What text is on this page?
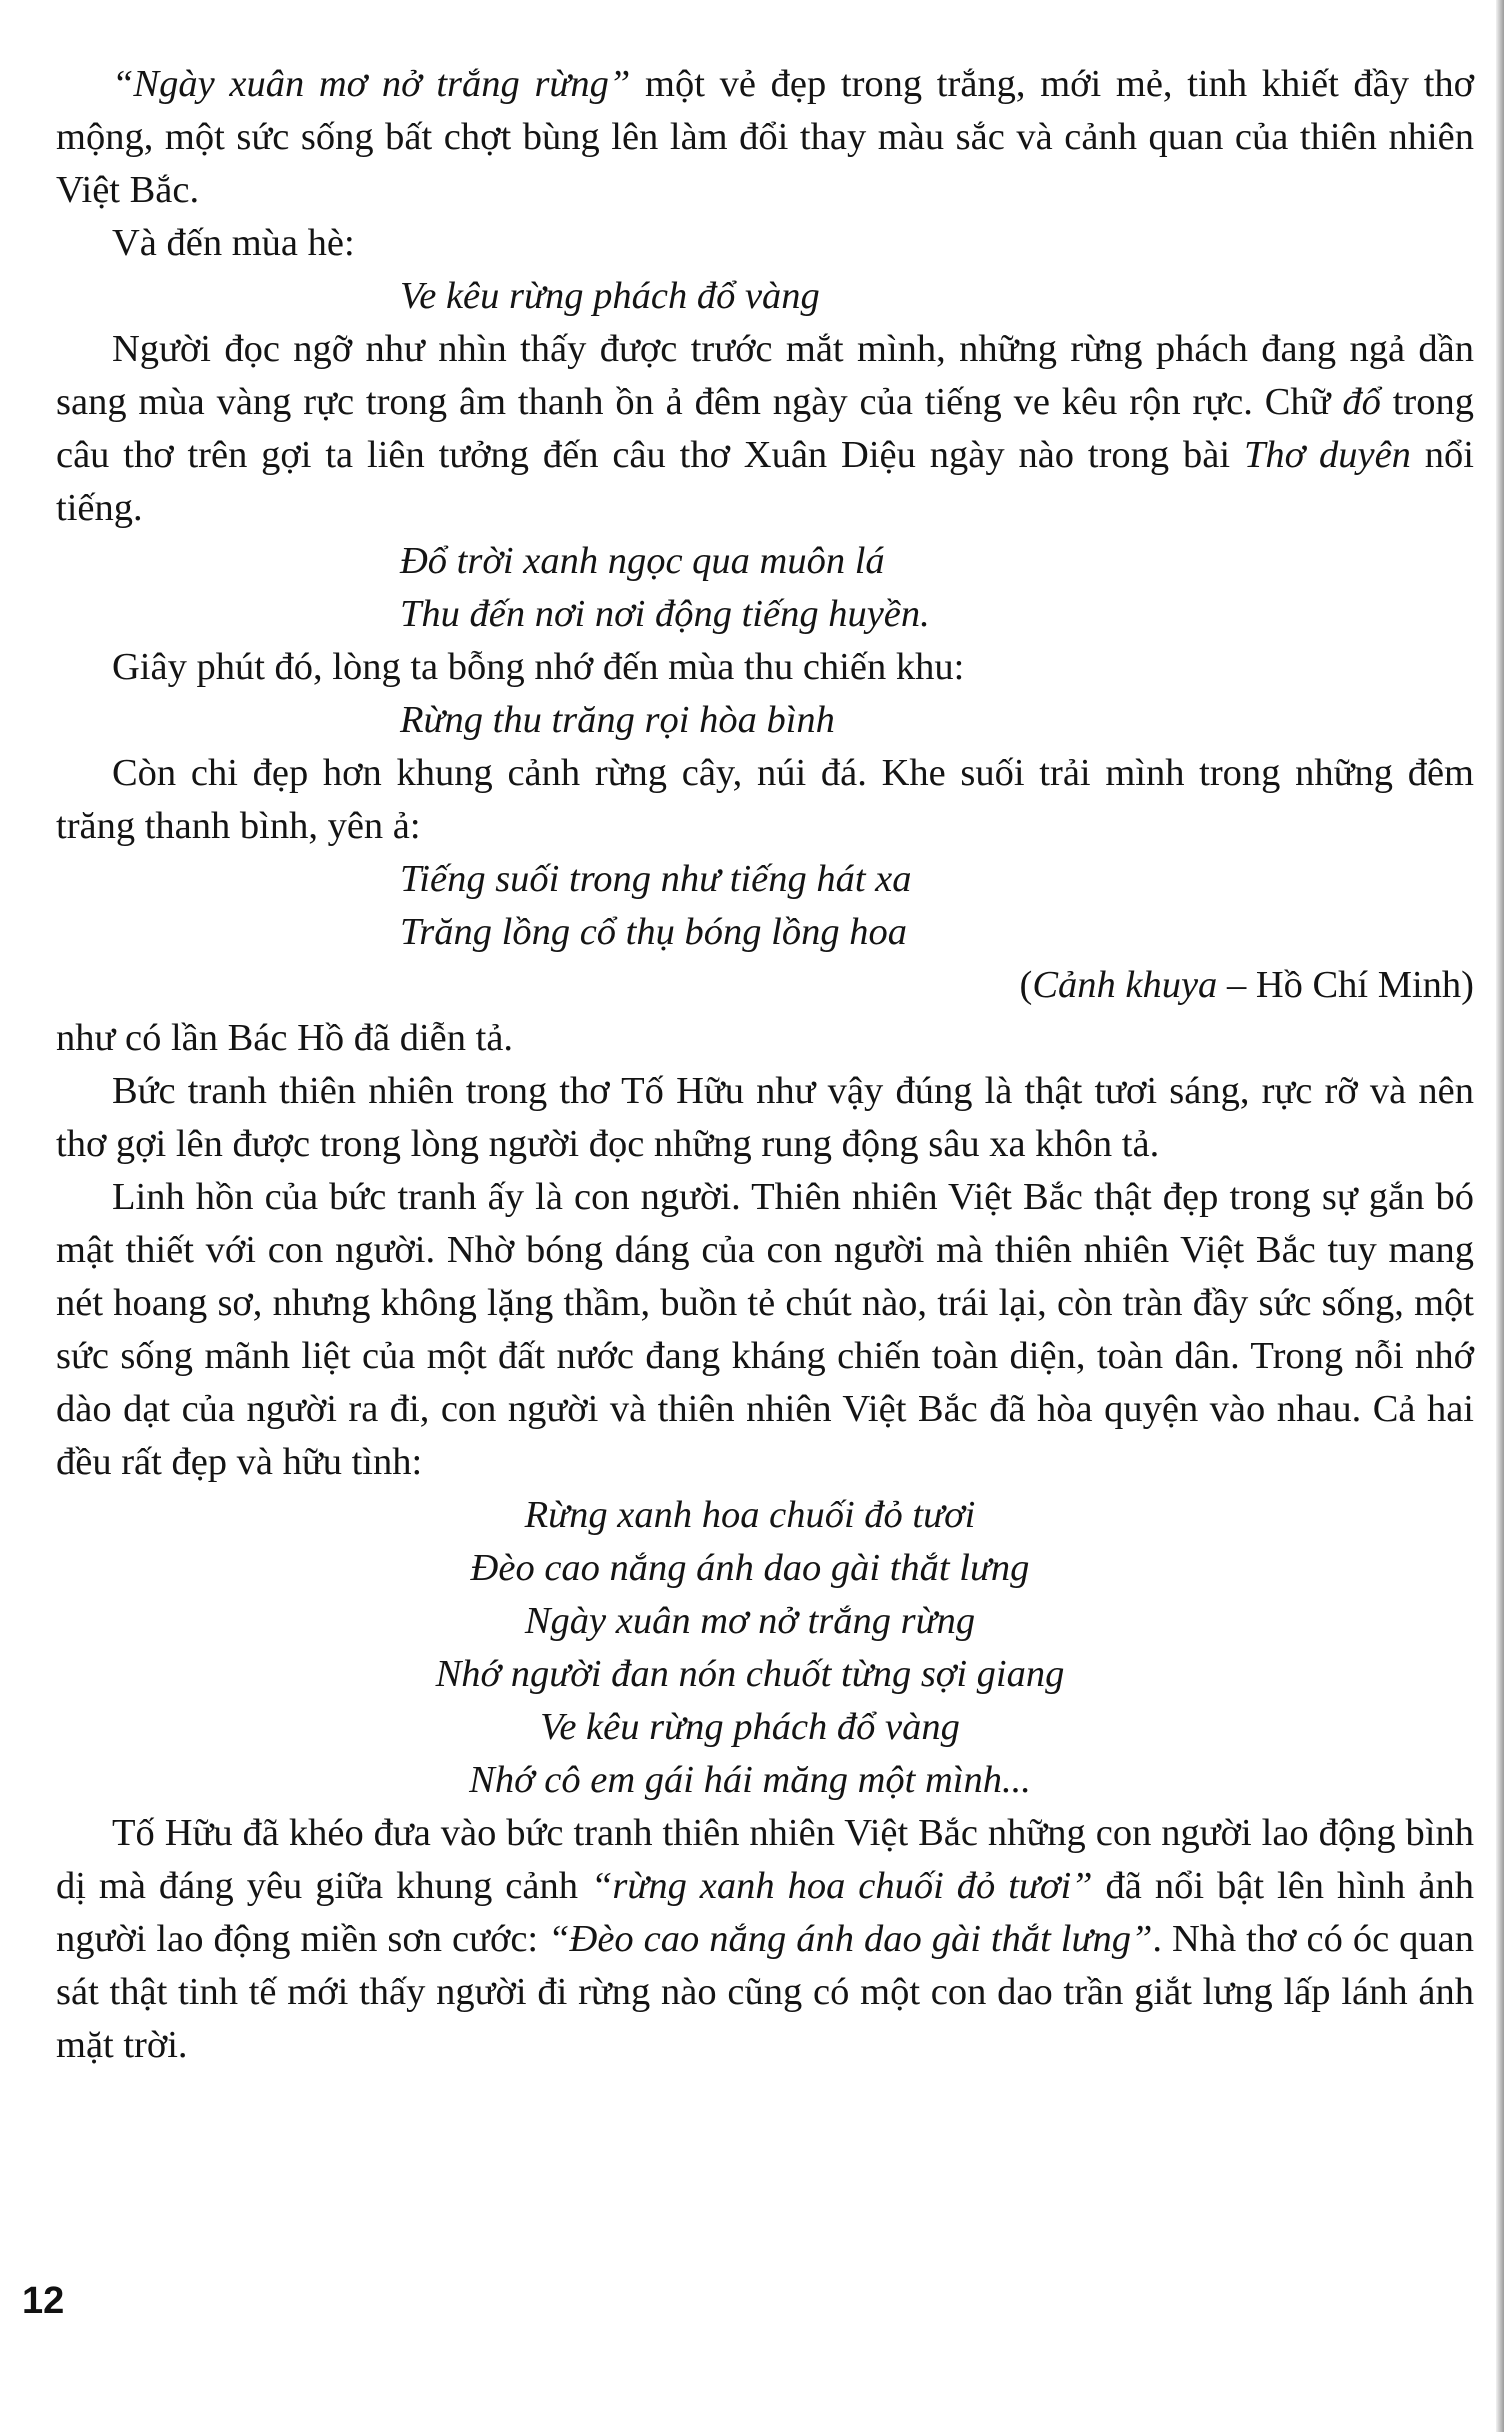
“Ngày xuân mơ nở trắng rừng” một vẻ đẹp trong trắng, mới mẻ, tinh khiết đầy thơ mộng, một sức sống bất chợt bùng lên làm đổi thay màu sắc và cảnh quan của thiên nhiên Việt Bắc.

Và đến mùa hè:

Ve kêu rừng phách đổ vàng

Người đọc ngỡ như nhìn thấy được trước mắt mình, những rừng phách đang ngả dần sang mùa vàng rực trong âm thanh ồn ả đêm ngày của tiếng ve kêu rộn rực. Chữ đổ trong câu thơ trên gợi ta liên tưởng đến câu thơ Xuân Diệu ngày nào trong bài Thơ duyên nổi tiếng.

Đổ trời xanh ngọc qua muôn lá
Thu đến nơi nơi động tiếng huyền.

Giây phút đó, lòng ta bỗng nhớ đến mùa thu chiến khu:

Rừng thu trăng rọi hòa bình

Còn chi đẹp hơn khung cảnh rừng cây, núi đá. Khe suối trải mình trong những đêm trăng thanh bình, yên ả:

Tiếng suối trong như tiếng hát xa
Trăng lồng cổ thụ bóng lồng hoa
(Cảnh khuya – Hồ Chí Minh)

như có lần Bác Hồ đã diễn tả.

Bức tranh thiên nhiên trong thơ Tố Hữu như vậy đúng là thật tươi sáng, rực rỡ và nên thơ gợi lên được trong lòng người đọc những rung động sâu xa khôn tả.

Linh hồn của bức tranh ấy là con người. Thiên nhiên Việt Bắc thật đẹp trong sự gắn bó mật thiết với con người. Nhờ bóng dáng của con người mà thiên nhiên Việt Bắc tuy mang nét hoang sơ, nhưng không lặng thầm, buồn tẻ chút nào, trái lại, còn tràn đầy sức sống, một sức sống mãnh liệt của một đất nước đang kháng chiến toàn diện, toàn dân. Trong nỗi nhớ dào dạt của người ra đi, con người và thiên nhiên Việt Bắc đã hòa quyện vào nhau. Cả hai đều rất đẹp và hữu tình:

Rừng xanh hoa chuối đỏ tươi
Đèo cao nắng ánh dao gài thắt lưng
Ngày xuân mơ nở trắng rừng
Nhớ người đan nón chuốt từng sợi giang
Ve kêu rừng phách đổ vàng
Nhớ cô em gái hái măng một mình...

Tố Hữu đã khéo đưa vào bức tranh thiên nhiên Việt Bắc những con người lao động bình dị mà đáng yêu giữa khung cảnh “rừng xanh hoa chuối đỏ tươi” đã nổi bật lên hình ảnh người lao động miền sơn cước: “Đèo cao nắng ánh dao gài thắt lưng”. Nhà thơ có óc quan sát thật tinh tế mới thấy người đi rừng nào cũng có một con dao trần giắt lưng lấp lánh ánh mặt trời.

12
